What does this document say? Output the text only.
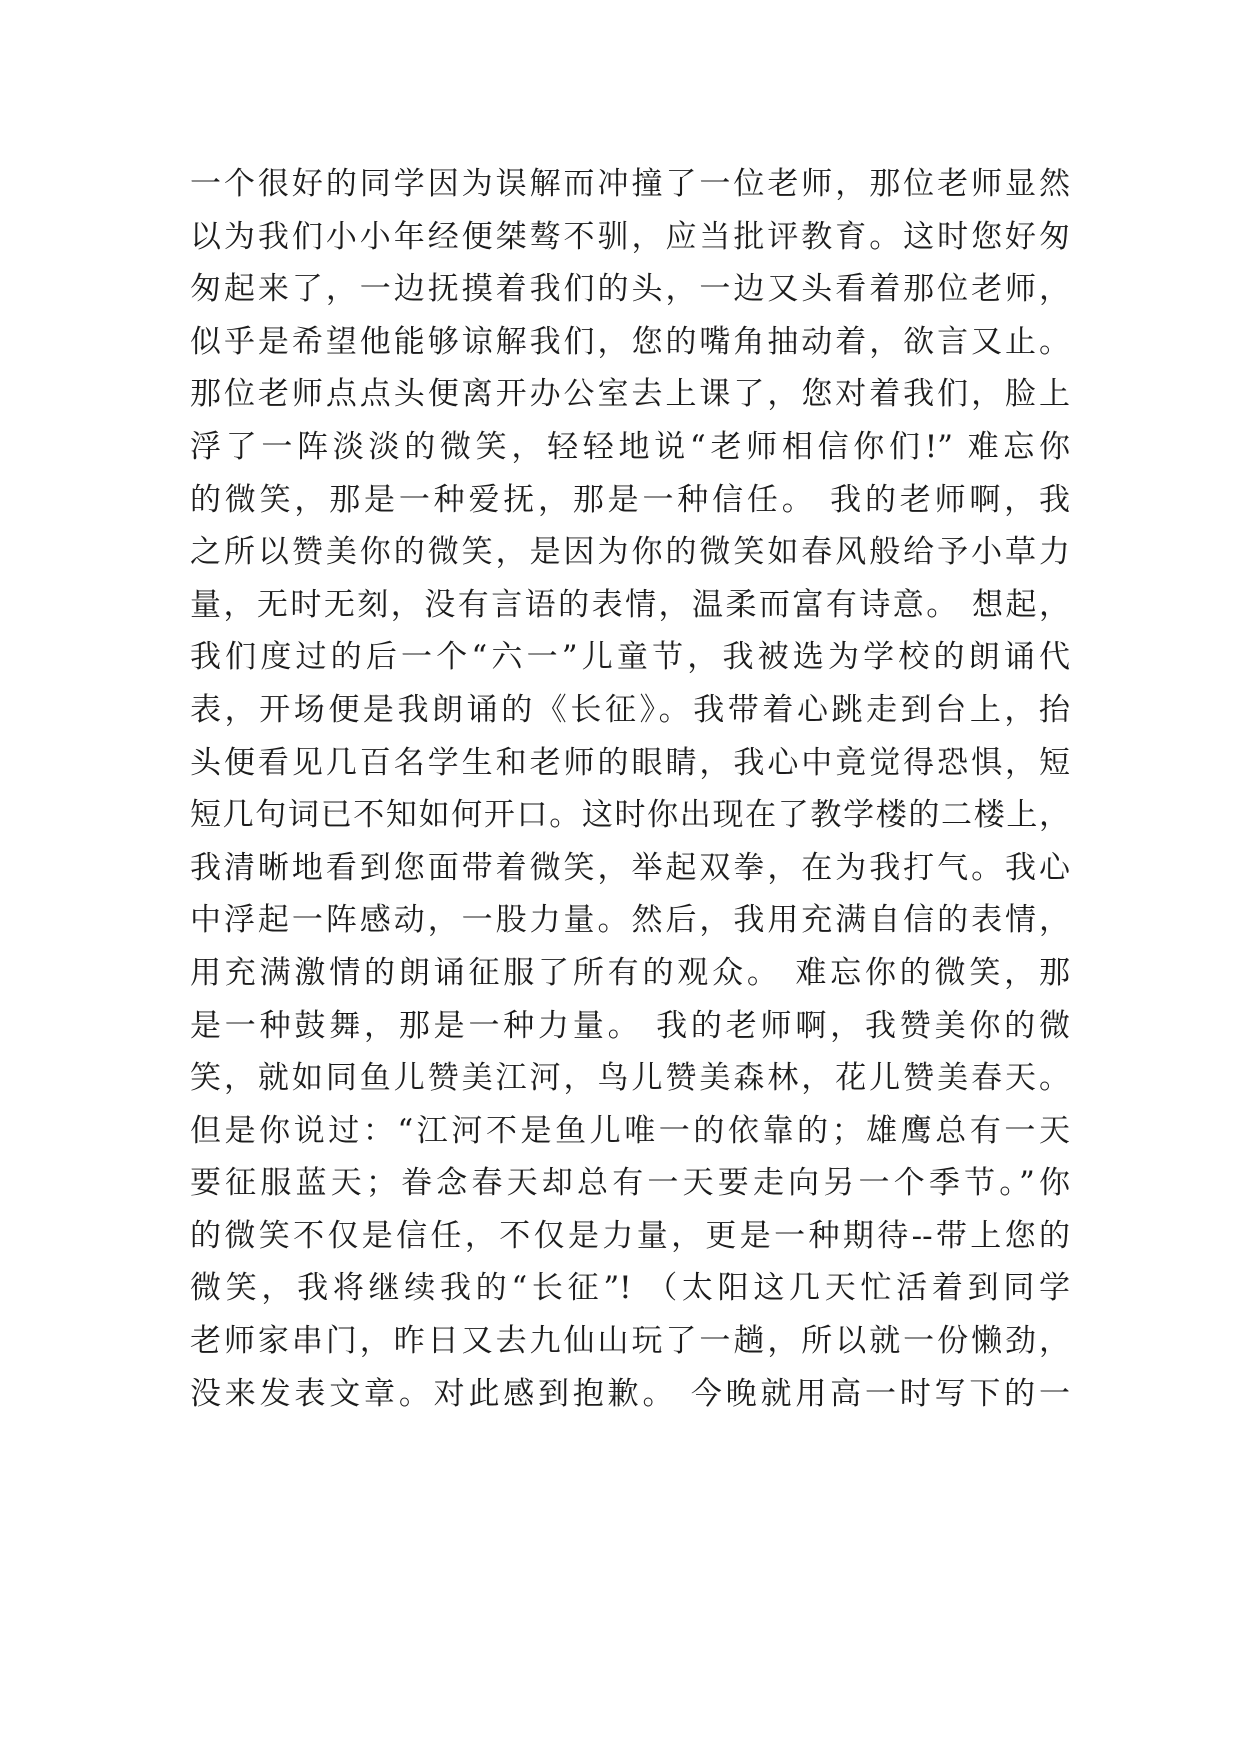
一个很好的同学因为误解而冲撞了一位老师，那位老师显然
以为我们小小年经便桀骜不驯，应当批评教育。这时您好匆
匆起来了，一边抚摸着我们的头，一边又头看着那位老师，
似乎是希望他能够谅解我们，您的嘴角抽动着，欲言又止。
那位老师点点头便离开办公室去上课了，您对着我们，脸上
浮了一阵淡淡的微笑，轻轻地说“老师相信你们!” 难忘你
的微笑，那是一种爱抚，那是一种信任。 我的老师啊，我
之所以赞美你的微笑，是因为你的微笑如春风般给予小草力
量，无时无刻，没有言语的表情，温柔而富有诗意。 想起，
我们度过的后一个“六一”儿童节，我被选为学校的朗诵代
表，开场便是我朗诵的《长征》。我带着心跳走到台上，抬
头便看见几百名学生和老师的眼睛，我心中竟觉得恐惧，短
短几句词已不知如何开口。这时你出现在了教学楼的二楼上，
我清晰地看到您面带着微笑，举起双拳，在为我打气。我心
中浮起一阵感动，一股力量。然后，我用充满自信的表情，
用充满激情的朗诵征服了所有的观众。 难忘你的微笑，那
是一种鼓舞，那是一种力量。 我的老师啊，我赞美你的微
笑，就如同鱼儿赞美江河，鸟儿赞美森林，花儿赞美春天。
但是你说过：“江河不是鱼儿唯一的依靠的；雄鹰总有一天
要征服蓝天；眷念春天却总有一天要走向另一个季节。”你
的微笑不仅是信任，不仅是力量，更是一种期待--带上您的
微笑，我将继续我的“长征”! （太阳这几天忙活着到同学
老师家串门，昨日又去九仙山玩了一趟，所以就一份懒劲，
没来发表文章。对此感到抱歉。 今晚就用高一时写下的一
